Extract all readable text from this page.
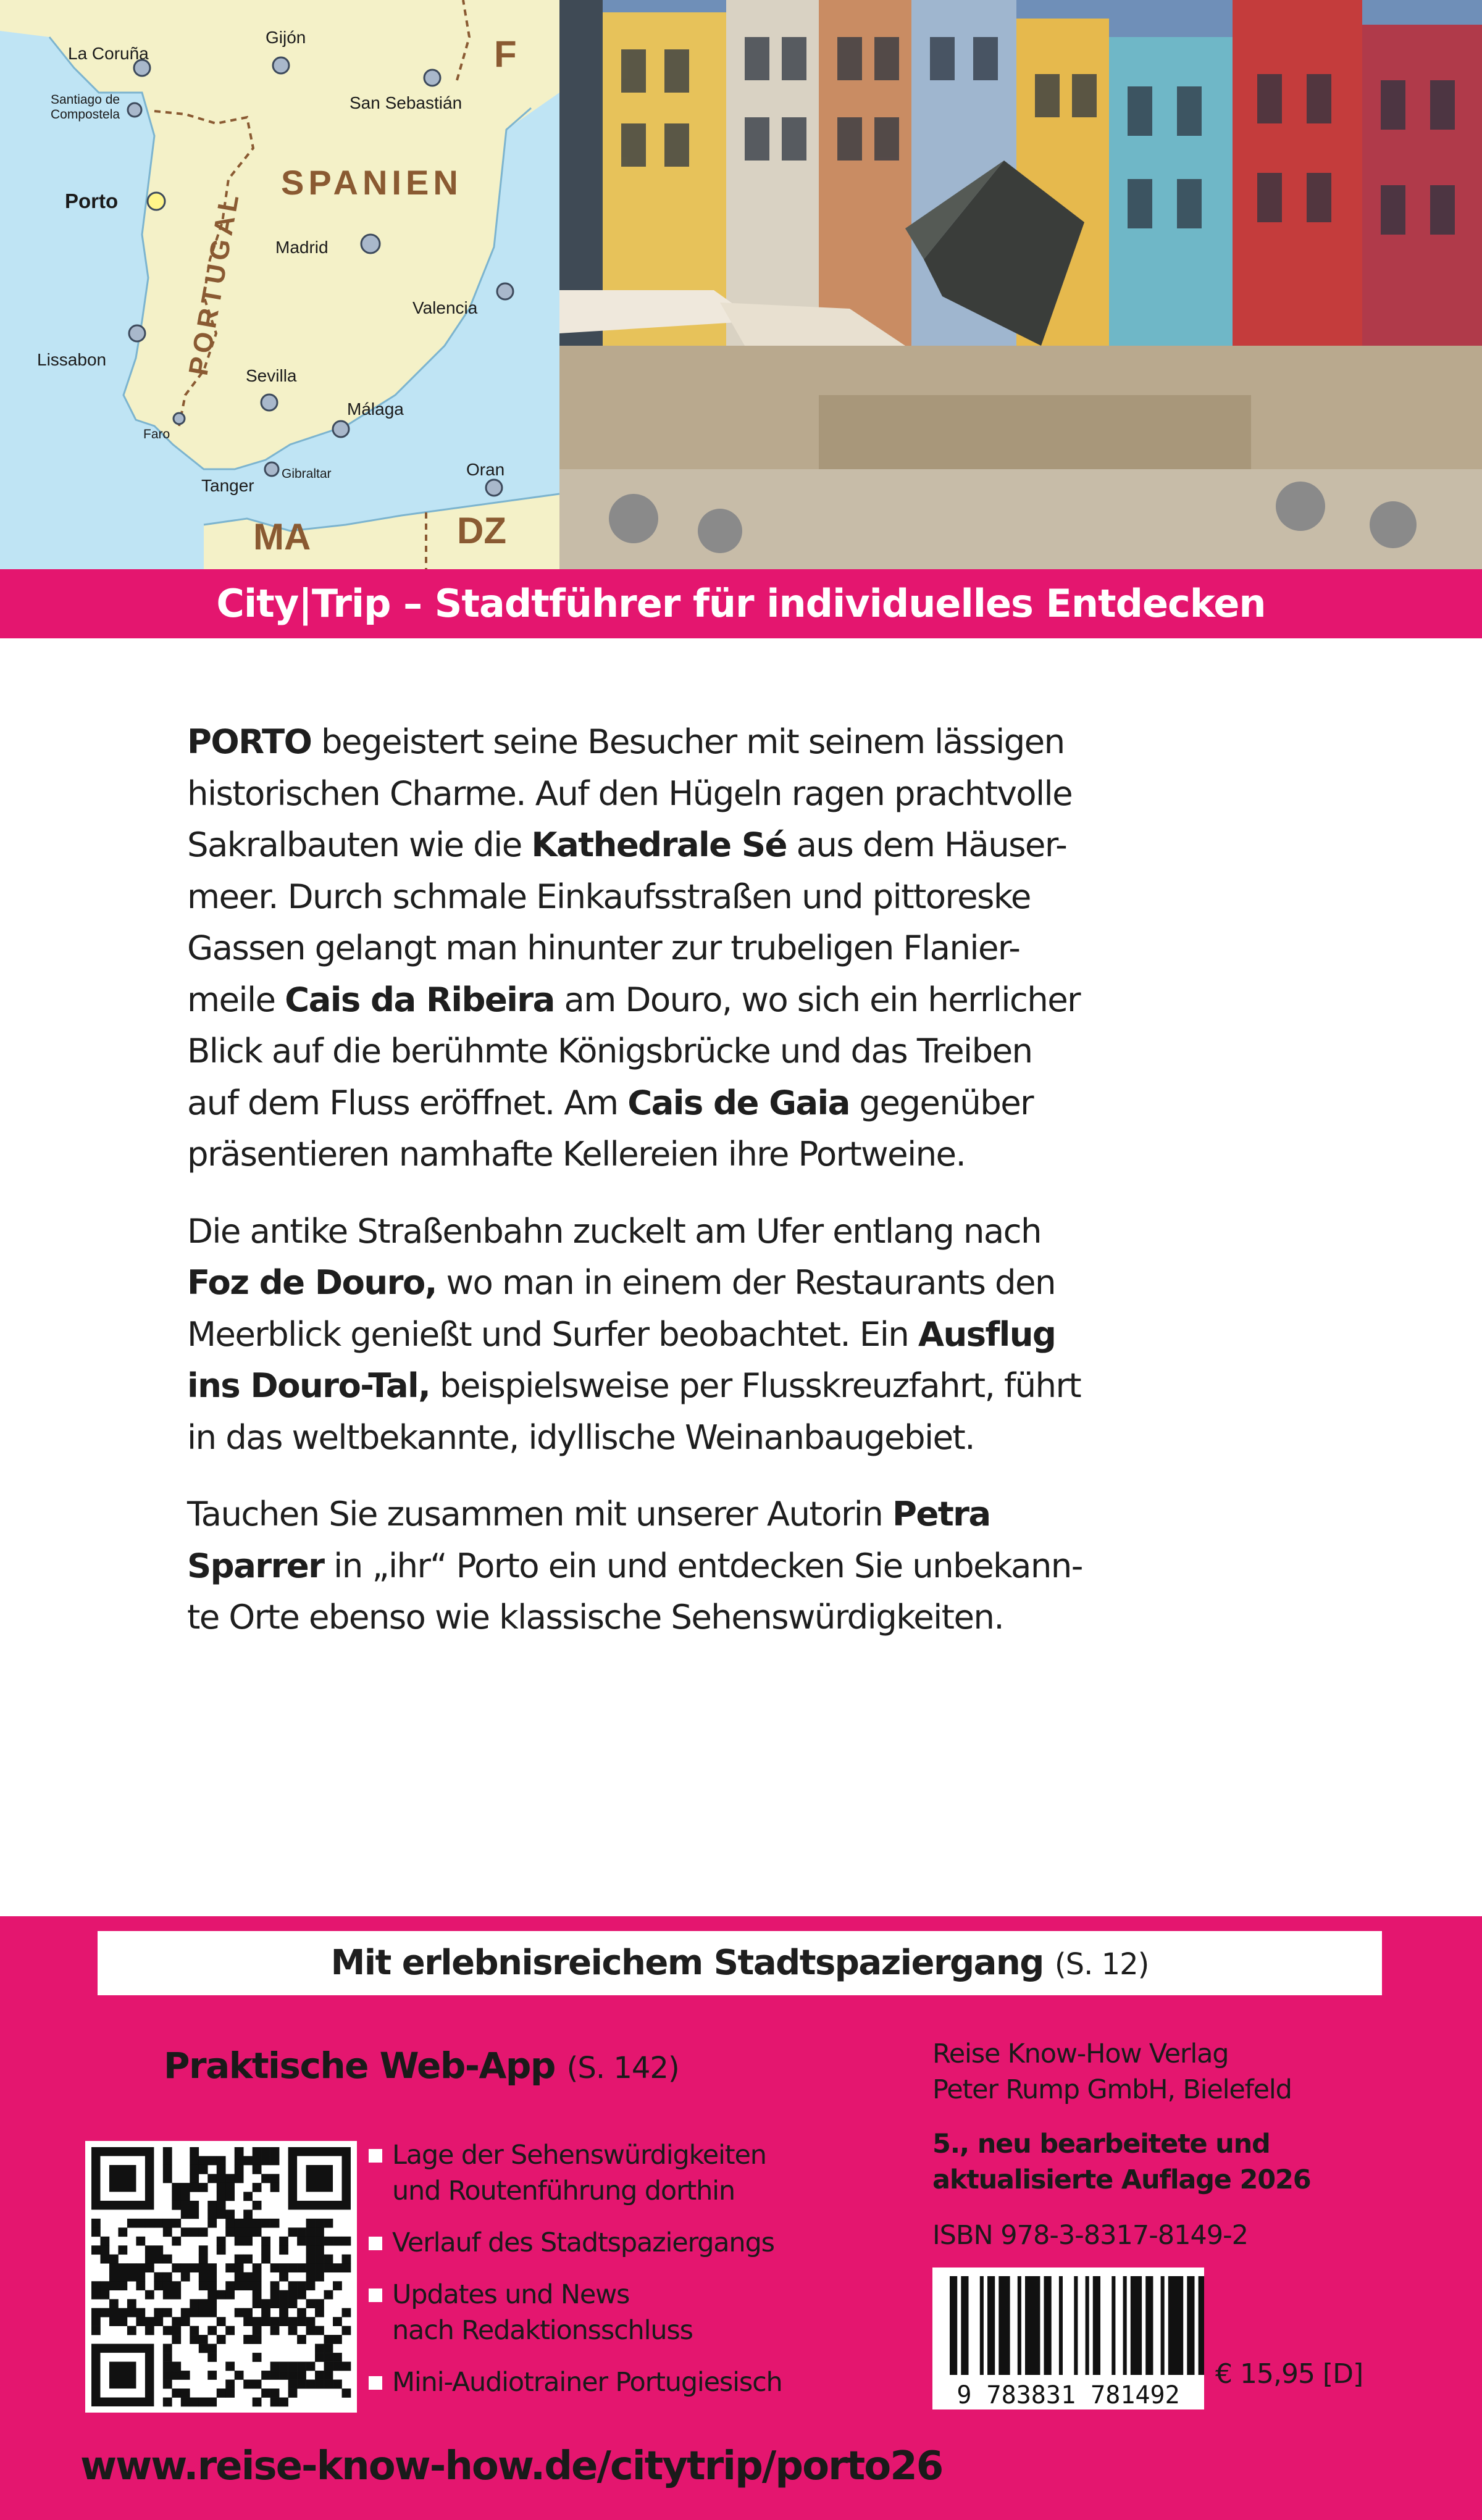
La Coruña
Gijón
Santiago de
Compostela
San Sebastián
Porto
Madrid
Valencia
Lissabon
Sevilla
Faro
Málaga
Tanger
Gibraltar	Oran
SPANIEN
PORTUGAL
F
MA	DZ
City|Trip – Stadtführer für individuelles Entdecken

PORTO begeistert seine Besucher mit seinem lässigen
historischen Charme. Auf den Hügeln ragen prachtvolle
Sakralbauten wie die Kathedrale Sé aus dem Häuser-
meer. Durch schmale Einkaufsstraßen und pittoreske
Gassen gelangt man hinunter zur trubeligen Flanier-
meile Cais da Ribeira am Douro, wo sich ein herrlicher
Blick auf die berühmte Königsbrücke und das Treiben
auf dem Fluss eröffnet. Am Cais de Gaia gegenüber
präsentieren namhafte Kellereien ihre Portweine.

Die antike Straßenbahn zuckelt am Ufer entlang nach
Foz de Douro, wo man in einem der Restaurants den
Meerblick genießt und Surfer beobachtet. Ein Ausflug
ins Douro-Tal, beispielsweise per Flusskreuzfahrt, führt
in das weltbekannte, idyllische Weinanbaugebiet.

Tauchen Sie zusammen mit unserer Autorin Petra
Sparrer in „ihr“ Porto ein und entdecken Sie unbekann-
te Orte ebenso wie klassische Sehenswürdigkeiten.

Mit erlebnisreichem Stadtspaziergang (S. 12)
Praktische Web-App (S. 142)
Lage der Sehenswürdigkeiten
und Routenführung dorthin
Verlauf des Stadtspaziergangs
Updates und News
nach Redaktionsschluss
Mini-Audiotrainer Portugiesisch
Reise Know-How Verlag
Peter Rump GmbH, Bielefeld
5., neu bearbeitete und
aktualisierte Auflage 2026
ISBN 978-3-8317-8149-2
9 783831 781492
€ 15,95 [D]
www.reise-know-how.de/citytrip/porto26
